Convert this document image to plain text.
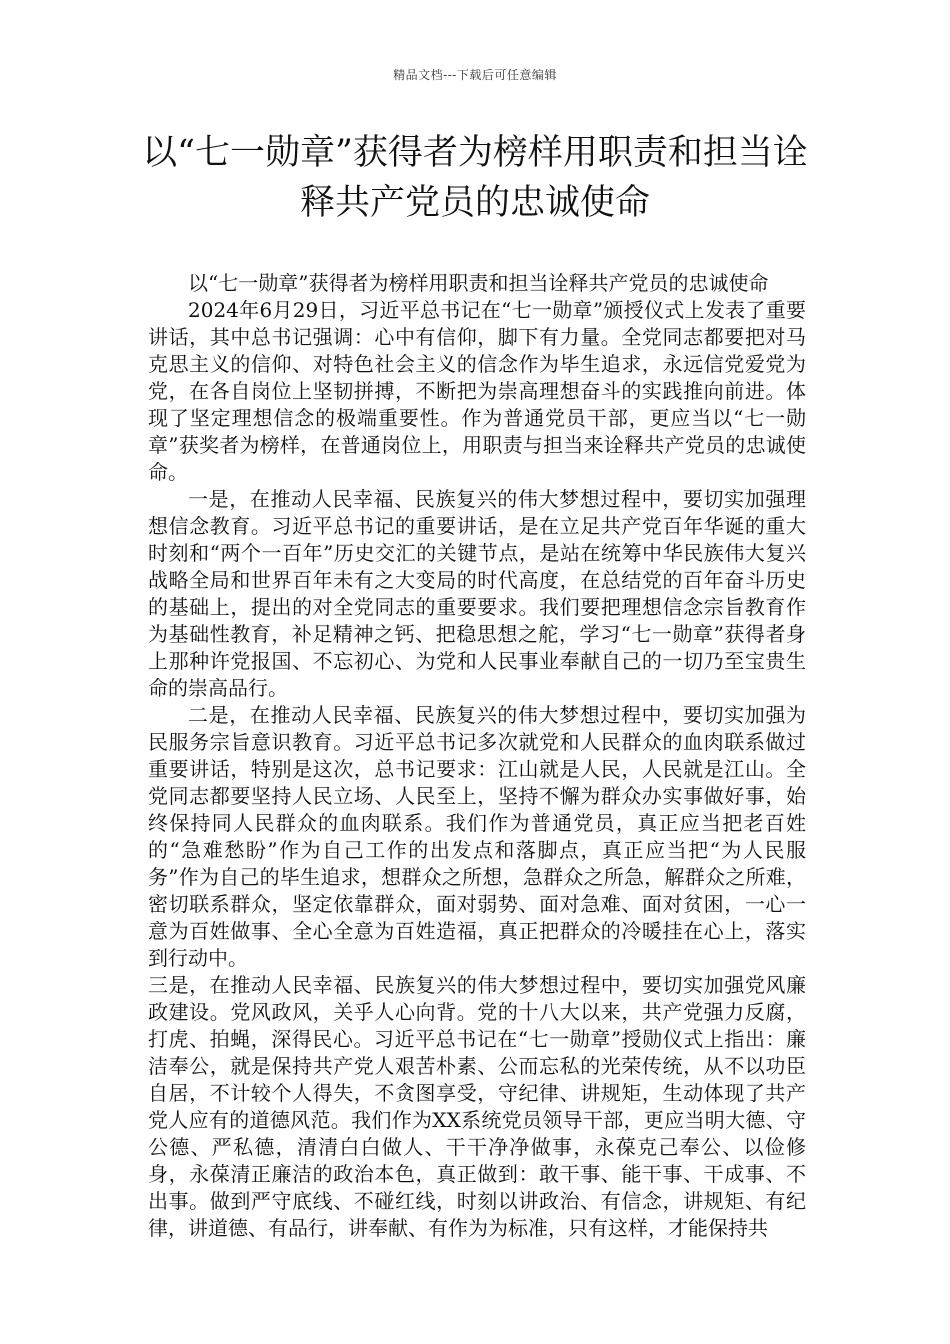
精品文档---下载后可任意编辑
以“七一勋章”获得者为榜样用职责和担当诠释共产党员的忠诚使命

以“七一勋章”获得者为榜样用职责和担当诠释共产党员的忠诚使命

2024年6月29日，习近平总书记在“七一勋章”颁授仪式上发表了重要讲话，其中总书记强调：心中有信仰，脚下有力量。全党同志都要把对马克思主义的信仰、对特色社会主义的信念作为毕生追求，永远信党爱党为党，在各自岗位上坚韧拼搏，不断把为崇高理想奋斗的实践推向前进。体现了坚定理想信念的极端重要性。作为普通党员干部，更应当以“七一勋章”获奖者为榜样，在普通岗位上，用职责与担当来诠释共产党员的忠诚使命。

一是，在推动人民幸福、民族复兴的伟大梦想过程中，要切实加强理想信念教育。习近平总书记的重要讲话，是在立足共产党百年华诞的重大时刻和“两个一百年”历史交汇的关键节点，是站在统筹中华民族伟大复兴战略全局和世界百年未有之大变局的时代高度，在总结党的百年奋斗历史的基础上，提出的对全党同志的重要要求。我们要把理想信念宗旨教育作为基础性教育，补足精神之钙、把稳思想之舵，学习“七一勋章”获得者身上那种许党报国、不忘初心、为党和人民事业奉献自己的一切乃至宝贵生命的崇高品行。

二是，在推动人民幸福、民族复兴的伟大梦想过程中，要切实加强为民服务宗旨意识教育。习近平总书记多次就党和人民群众的血肉联系做过重要讲话，特别是这次，总书记要求：江山就是人民，人民就是江山。全党同志都要坚持人民立场、人民至上，坚持不懈为群众办实事做好事，始终保持同人民群众的血肉联系。我们作为普通党员，真正应当把老百姓的“急难愁盼”作为自己工作的出发点和落脚点，真正应当把“为人民服务”作为自己的毕生追求，想群众之所想，急群众之所急，解群众之所难，密切联系群众，坚定依靠群众，面对弱势、面对急难、面对贫困，一心一意为百姓做事、全心全意为百姓造福，真正把群众的冷暖挂在心上，落实到行动中。

三是，在推动人民幸福、民族复兴的伟大梦想过程中，要切实加强党风廉政建设。党风政风，关乎人心向背。党的十八大以来，共产党强力反腐，打虎、拍蝇，深得民心。习近平总书记在“七一勋章”授勋仪式上指出：廉洁奉公，就是保持共产党人艰苦朴素、公而忘私的光荣传统，从不以功臣自居，不计较个人得失，不贪图享受，守纪律、讲规矩，生动体现了共产党人应有的道德风范。我们作为XX系统党员领导干部，更应当明大德、守公德、严私德，清清白白做人、干干净净做事，永葆克己奉公、以俭修身，永葆清正廉洁的政治本色，真正做到：敢干事、能干事、干成事、不出事。做到严守底线、不碰红线，时刻以讲政治、有信念，讲规矩、有纪律，讲道德、有品行，讲奉献、有作为为标准，只有这样，才能保持共
